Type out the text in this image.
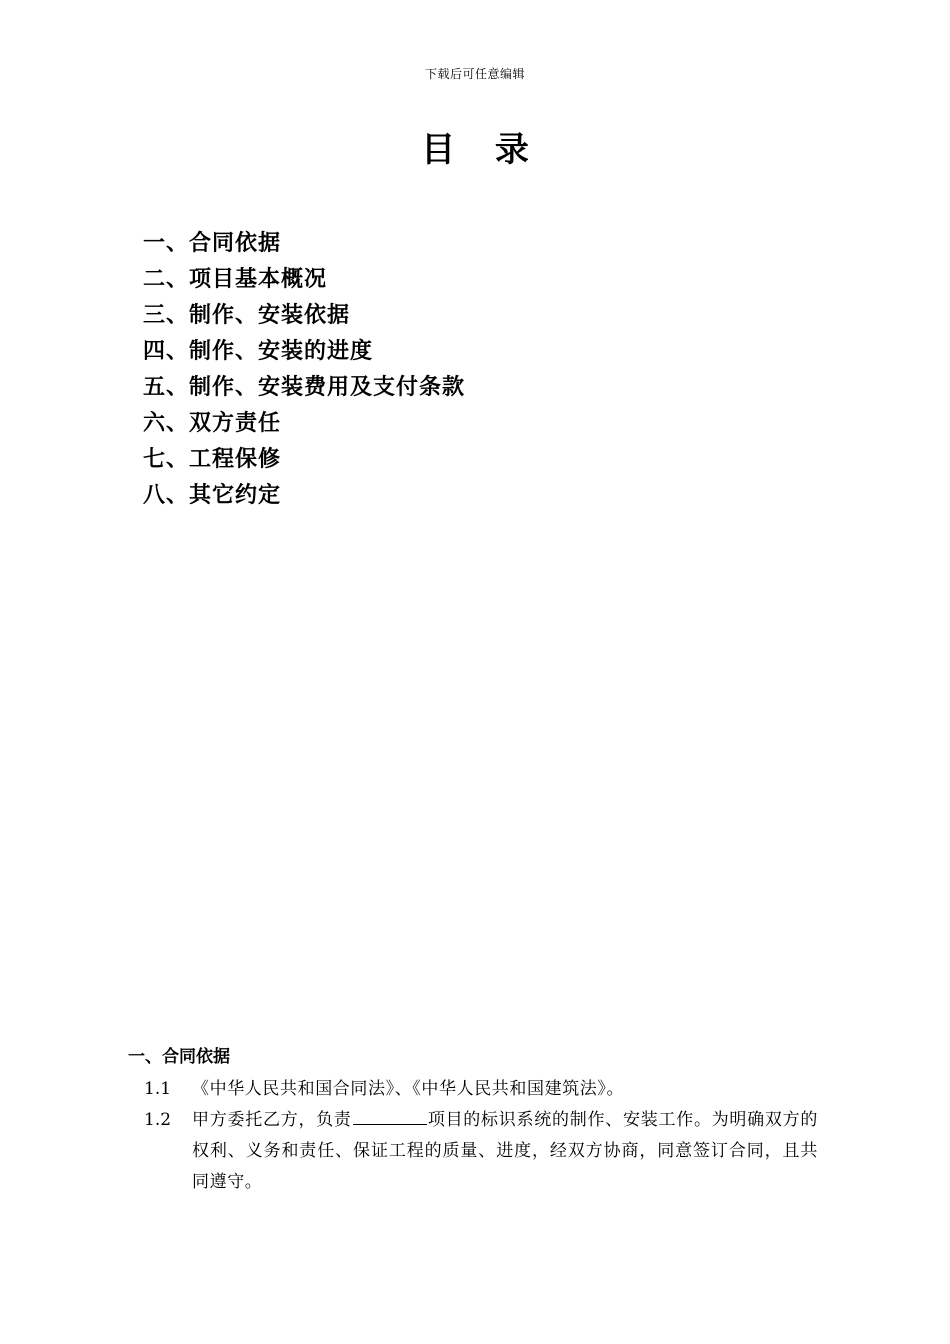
下载后可任意编辑
目 录
一、合同依据
二、项目基本概况
三、制作、安装依据
四、制作、安装的进度
五、制作、安装费用及支付条款
六、双方责任
七、工程保修
八、其它约定
一、合同依据
1.1	《中华人民共和国合同法》、《中华人民共和国建筑法》。
1.2	甲方委托乙方，负责	项目的标识系统的制作、安装工作。为明确双方的权利、义务和责任、保证工程的质量、进度，经双方协商，同意签订合同，且共同遵守。
